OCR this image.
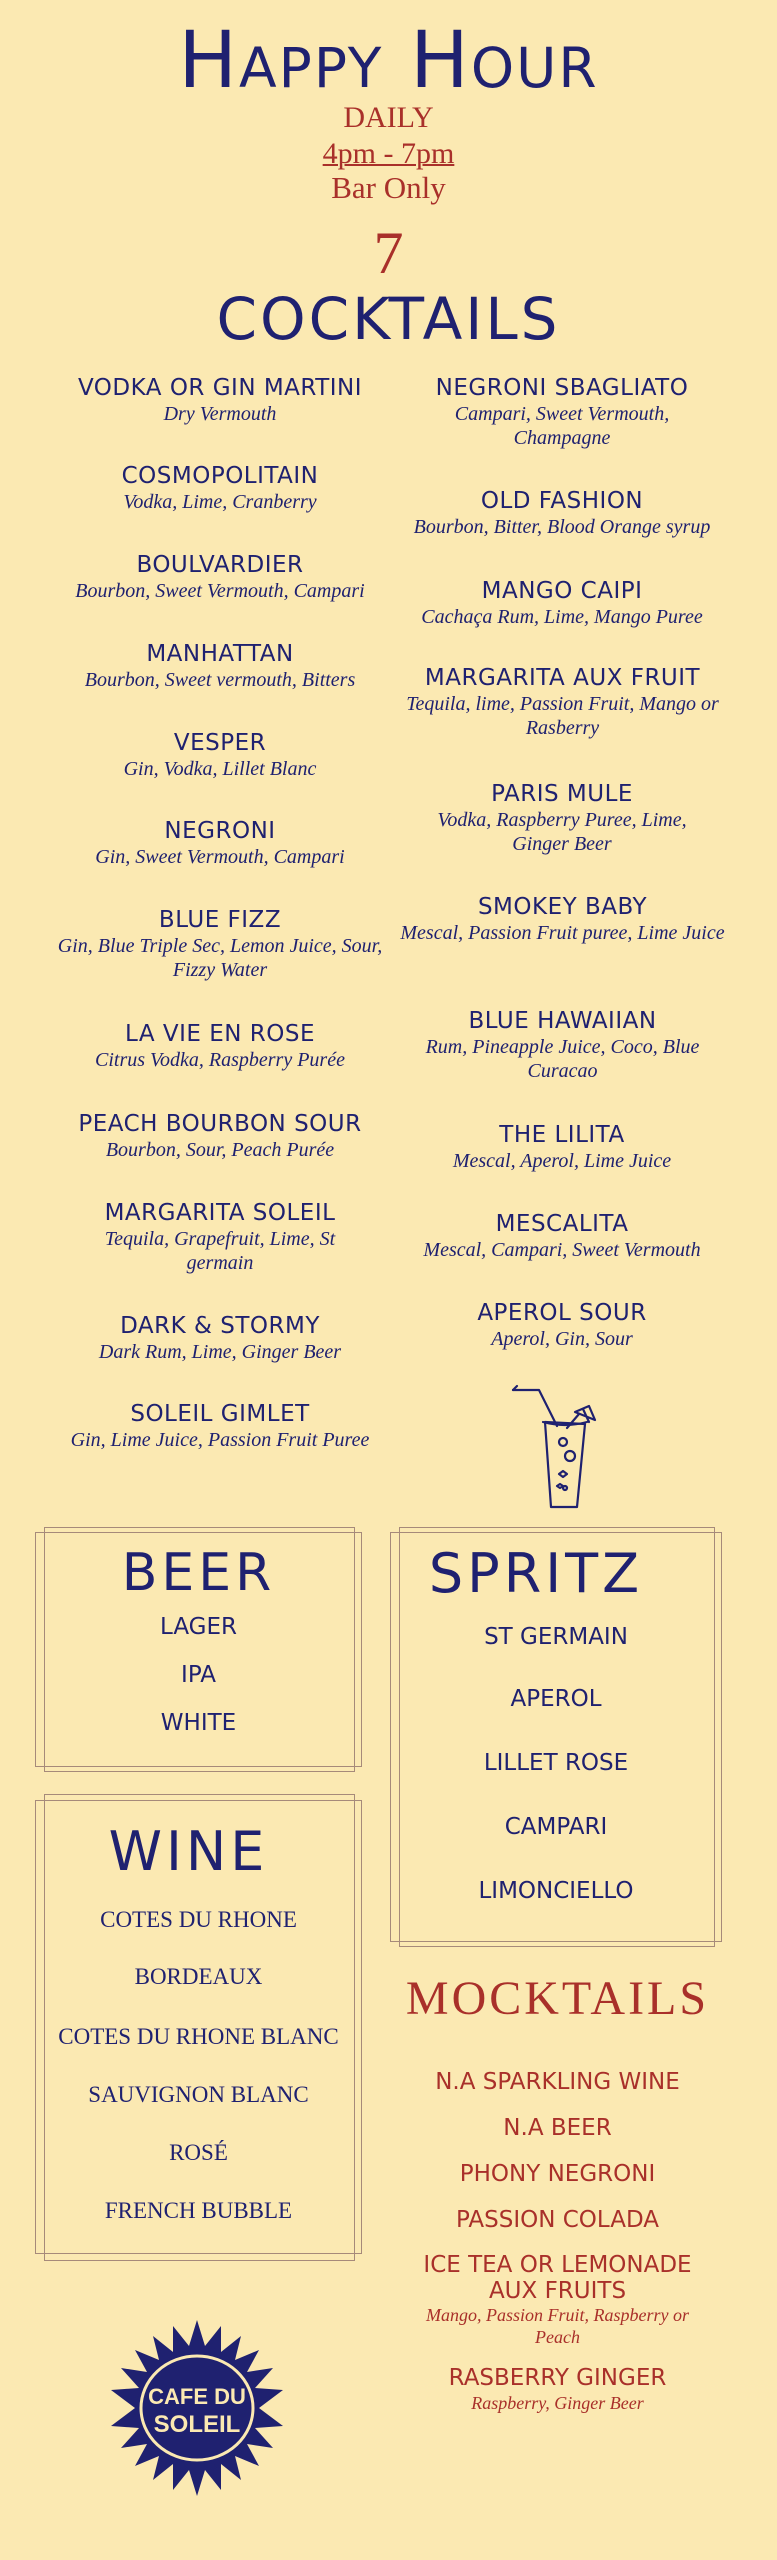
Happy Hour
DAILY
4pm - 7pm
Bar Only
7
COCKTAILS
VODKA OR GIN MARTINI
Dry Vermouth
COSMOPOLITAIN
Vodka, Lime, Cranberry
BOULVARDIER
Bourbon, Sweet Vermouth, Campari
MANHATTAN
Bourbon, Sweet vermouth, Bitters
VESPER
Gin, Vodka, Lillet Blanc
NEGRONI
Gin, Sweet Vermouth, Campari
BLUE FIZZ
Gin, Blue Triple Sec, Lemon Juice, Sour, Fizzy Water
LA VIE EN ROSE
Citrus Vodka, Raspberry Purée
PEACH BOURBON SOUR
Bourbon, Sour, Peach Purée
MARGARITA SOLEIL
Tequila, Grapefruit, Lime, St germain
DARK & STORMY
Dark Rum, Lime, Ginger Beer
SOLEIL GIMLET
Gin, Lime Juice, Passion Fruit Puree
NEGRONI SBAGLIATO
Campari, Sweet Vermouth, Champagne
OLD FASHION
Bourbon, Bitter, Blood Orange syrup
MANGO CAIPI
Cachaça Rum, Lime, Mango Puree
MARGARITA AUX FRUIT
Tequila, lime, Passion Fruit, Mango or Rasberry
PARIS MULE
Vodka, Raspberry Puree, Lime, Ginger Beer
SMOKEY BABY
Mescal, Passion Fruit puree, Lime Juice
BLUE HAWAIIAN
Rum, Pineapple Juice, Coco, Blue Curacao
THE LILITA
Mescal, Aperol, Lime Juice
MESCALITA
Mescal, Campari, Sweet Vermouth
APEROL SOUR
Aperol, Gin, Sour
BEER
LAGER
IPA
WHITE
SPRITZ
ST GERMAIN
APEROL
LILLET ROSE
CAMPARI
LIMONCIELLO
WINE
COTES DU RHONE
BORDEAUX
COTES DU RHONE BLANC
SAUVIGNON BLANC
ROSÉ
FRENCH BUBBLE
MOCKTAILS
N.A SPARKLING WINE
N.A BEER
PHONY NEGRONI
PASSION COLADA
ICE TEA OR LEMONADE AUX FRUITS
Mango, Passion Fruit, Raspberry or Peach
RASBERRY GINGER
Raspberry, Ginger Beer
CAFE DU
SOLEIL
